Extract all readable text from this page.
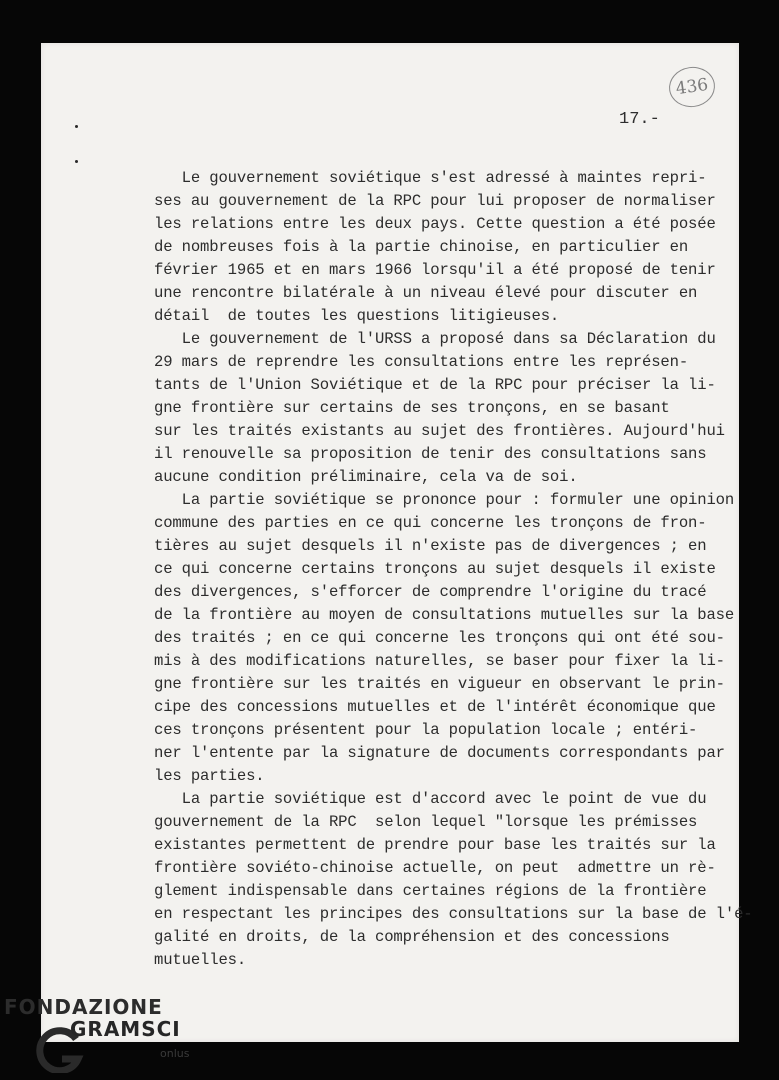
436
17.-
Le gouvernement soviétique s'est adressé à maintes repri-
ses au gouvernement de la RPC pour lui proposer de normaliser
les relations entre les deux pays. Cette question a été posée
de nombreuses fois à la partie chinoise, en particulier en
février 1965 et en mars 1966 lorsqu'il a été proposé de tenir
une rencontre bilatérale à un niveau élevé pour discuter en
détail  de toutes les questions litigieuses.
Le gouvernement de l'URSS a proposé dans sa Déclaration du
29 mars de reprendre les consultations entre les représen-
tants de l'Union Soviétique et de la RPC pour préciser la li-
gne frontière sur certains de ses tronçons, en se basant
sur les traités existants au sujet des frontières. Aujourd'hui
il renouvelle sa proposition de tenir des consultations sans
aucune condition préliminaire, cela va de soi.
La partie soviétique se prononce pour : formuler une opinion
commune des parties en ce qui concerne les tronçons de fron-
tières au sujet desquels il n'existe pas de divergences ; en
ce qui concerne certains tronçons au sujet desquels il existe
des divergences, s'efforcer de comprendre l'origine du tracé
de la frontière au moyen de consultations mutuelles sur la base
des traités ; en ce qui concerne les tronçons qui ont été sou-
mis à des modifications naturelles, se baser pour fixer la li-
gne frontière sur les traités en vigueur en observant le prin-
cipe des concessions mutuelles et de l'intérêt économique que
ces tronçons présentent pour la population locale ; entéri-
ner l'entente par la signature de documents correspondants par
les parties.
La partie soviétique est d'accord avec le point de vue du
gouvernement de la RPC  selon lequel "lorsque les prémisses
existantes permettent de prendre pour base les traités sur la
frontière soviéto-chinoise actuelle, on peut  admettre un rè-
glement indispensable dans certaines régions de la frontière
en respectant les principes des consultations sur la base de l'é-
galité en droits, de la compréhension et des concessions
mutuelles.
FONDAZIONE
GRAMSCI
onlus
